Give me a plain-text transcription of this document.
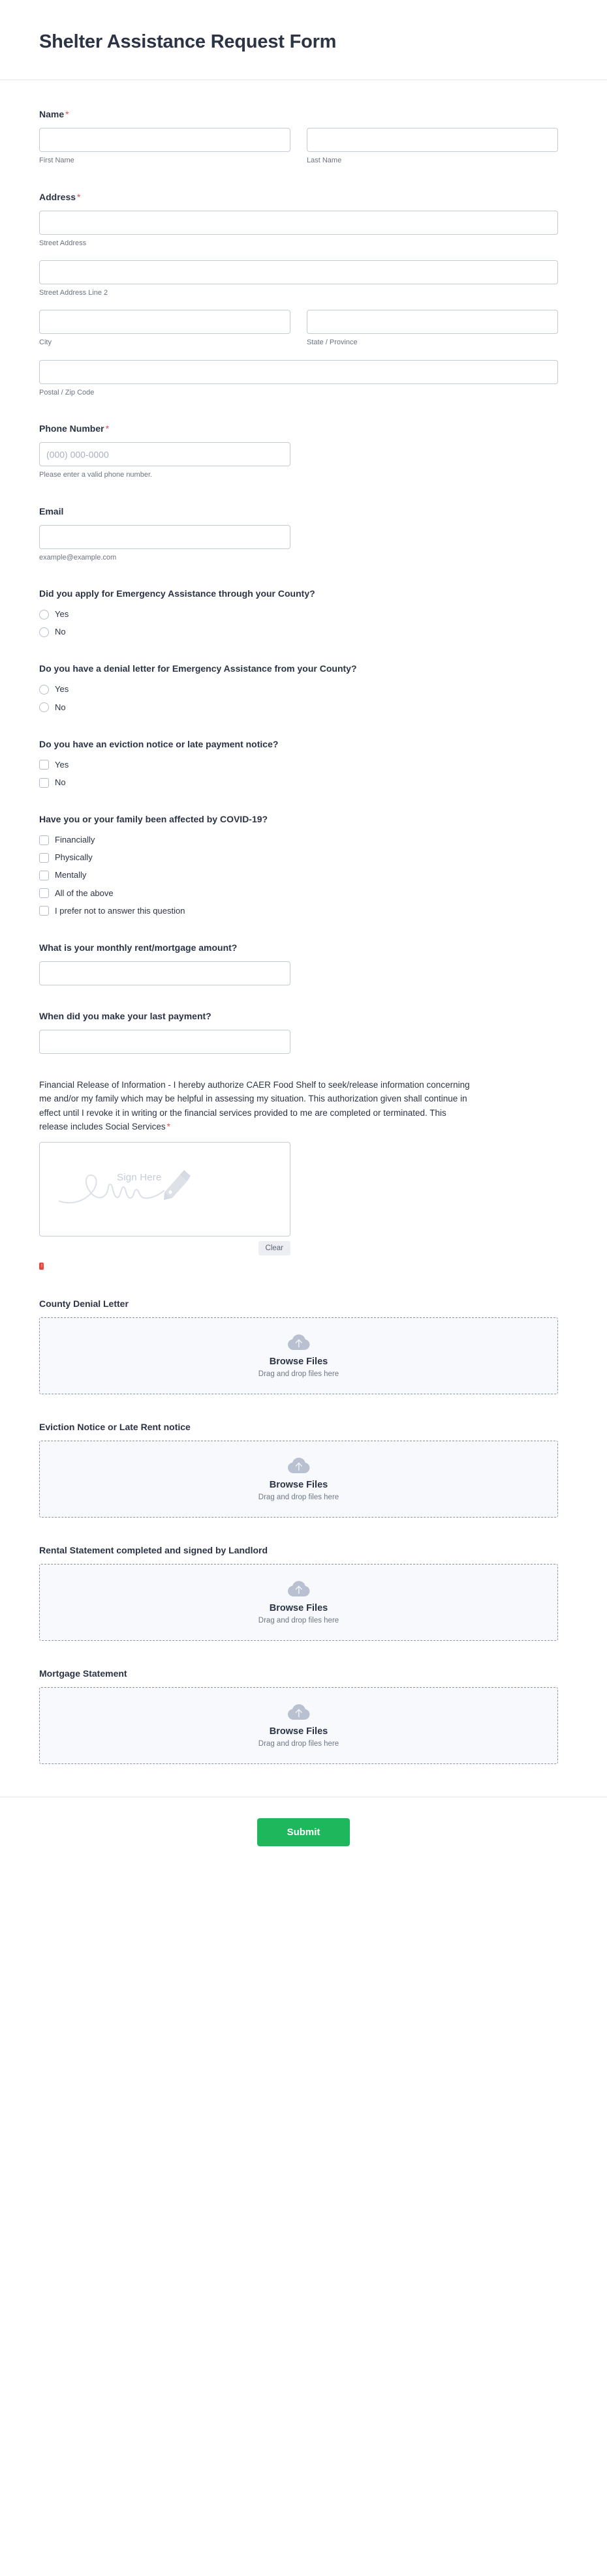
Shelter Assistance Request Form
Name *
First Name	Last Name
Address *
Street Address
Street Address Line 2
City	State / Province
Postal / Zip Code
Phone Number *
(000) 000-0000
Please enter a valid phone number.
Email
example@example.com
Did you apply for Emergency Assistance through your County?
Yes
No
Do you have a denial letter for Emergency Assistance from your County?
Yes
No
Do you have an eviction notice or late payment notice?
Yes
No
Have you or your family been affected by COVID-19?
Financially
Physically
Mentally
All of the above
I prefer not to answer this question
What is your monthly rent/mortgage amount?
When did you make your last payment?
Financial Release of Information - I hereby authorize CAER Food Shelf to seek/release information concerning me and/or my family which may be helpful in assessing my situation. This authorization given shall continue in effect until I revoke it in writing or the financial services provided to me are completed or terminated. This release includes Social Services *
Sign Here
Clear
!
County Denial Letter
Browse Files
Drag and drop files here
Eviction Notice or Late Rent notice
Browse Files
Drag and drop files here
Rental Statement completed and signed by Landlord
Browse Files
Drag and drop files here
Mortgage Statement
Browse Files
Drag and drop files here
Submit
